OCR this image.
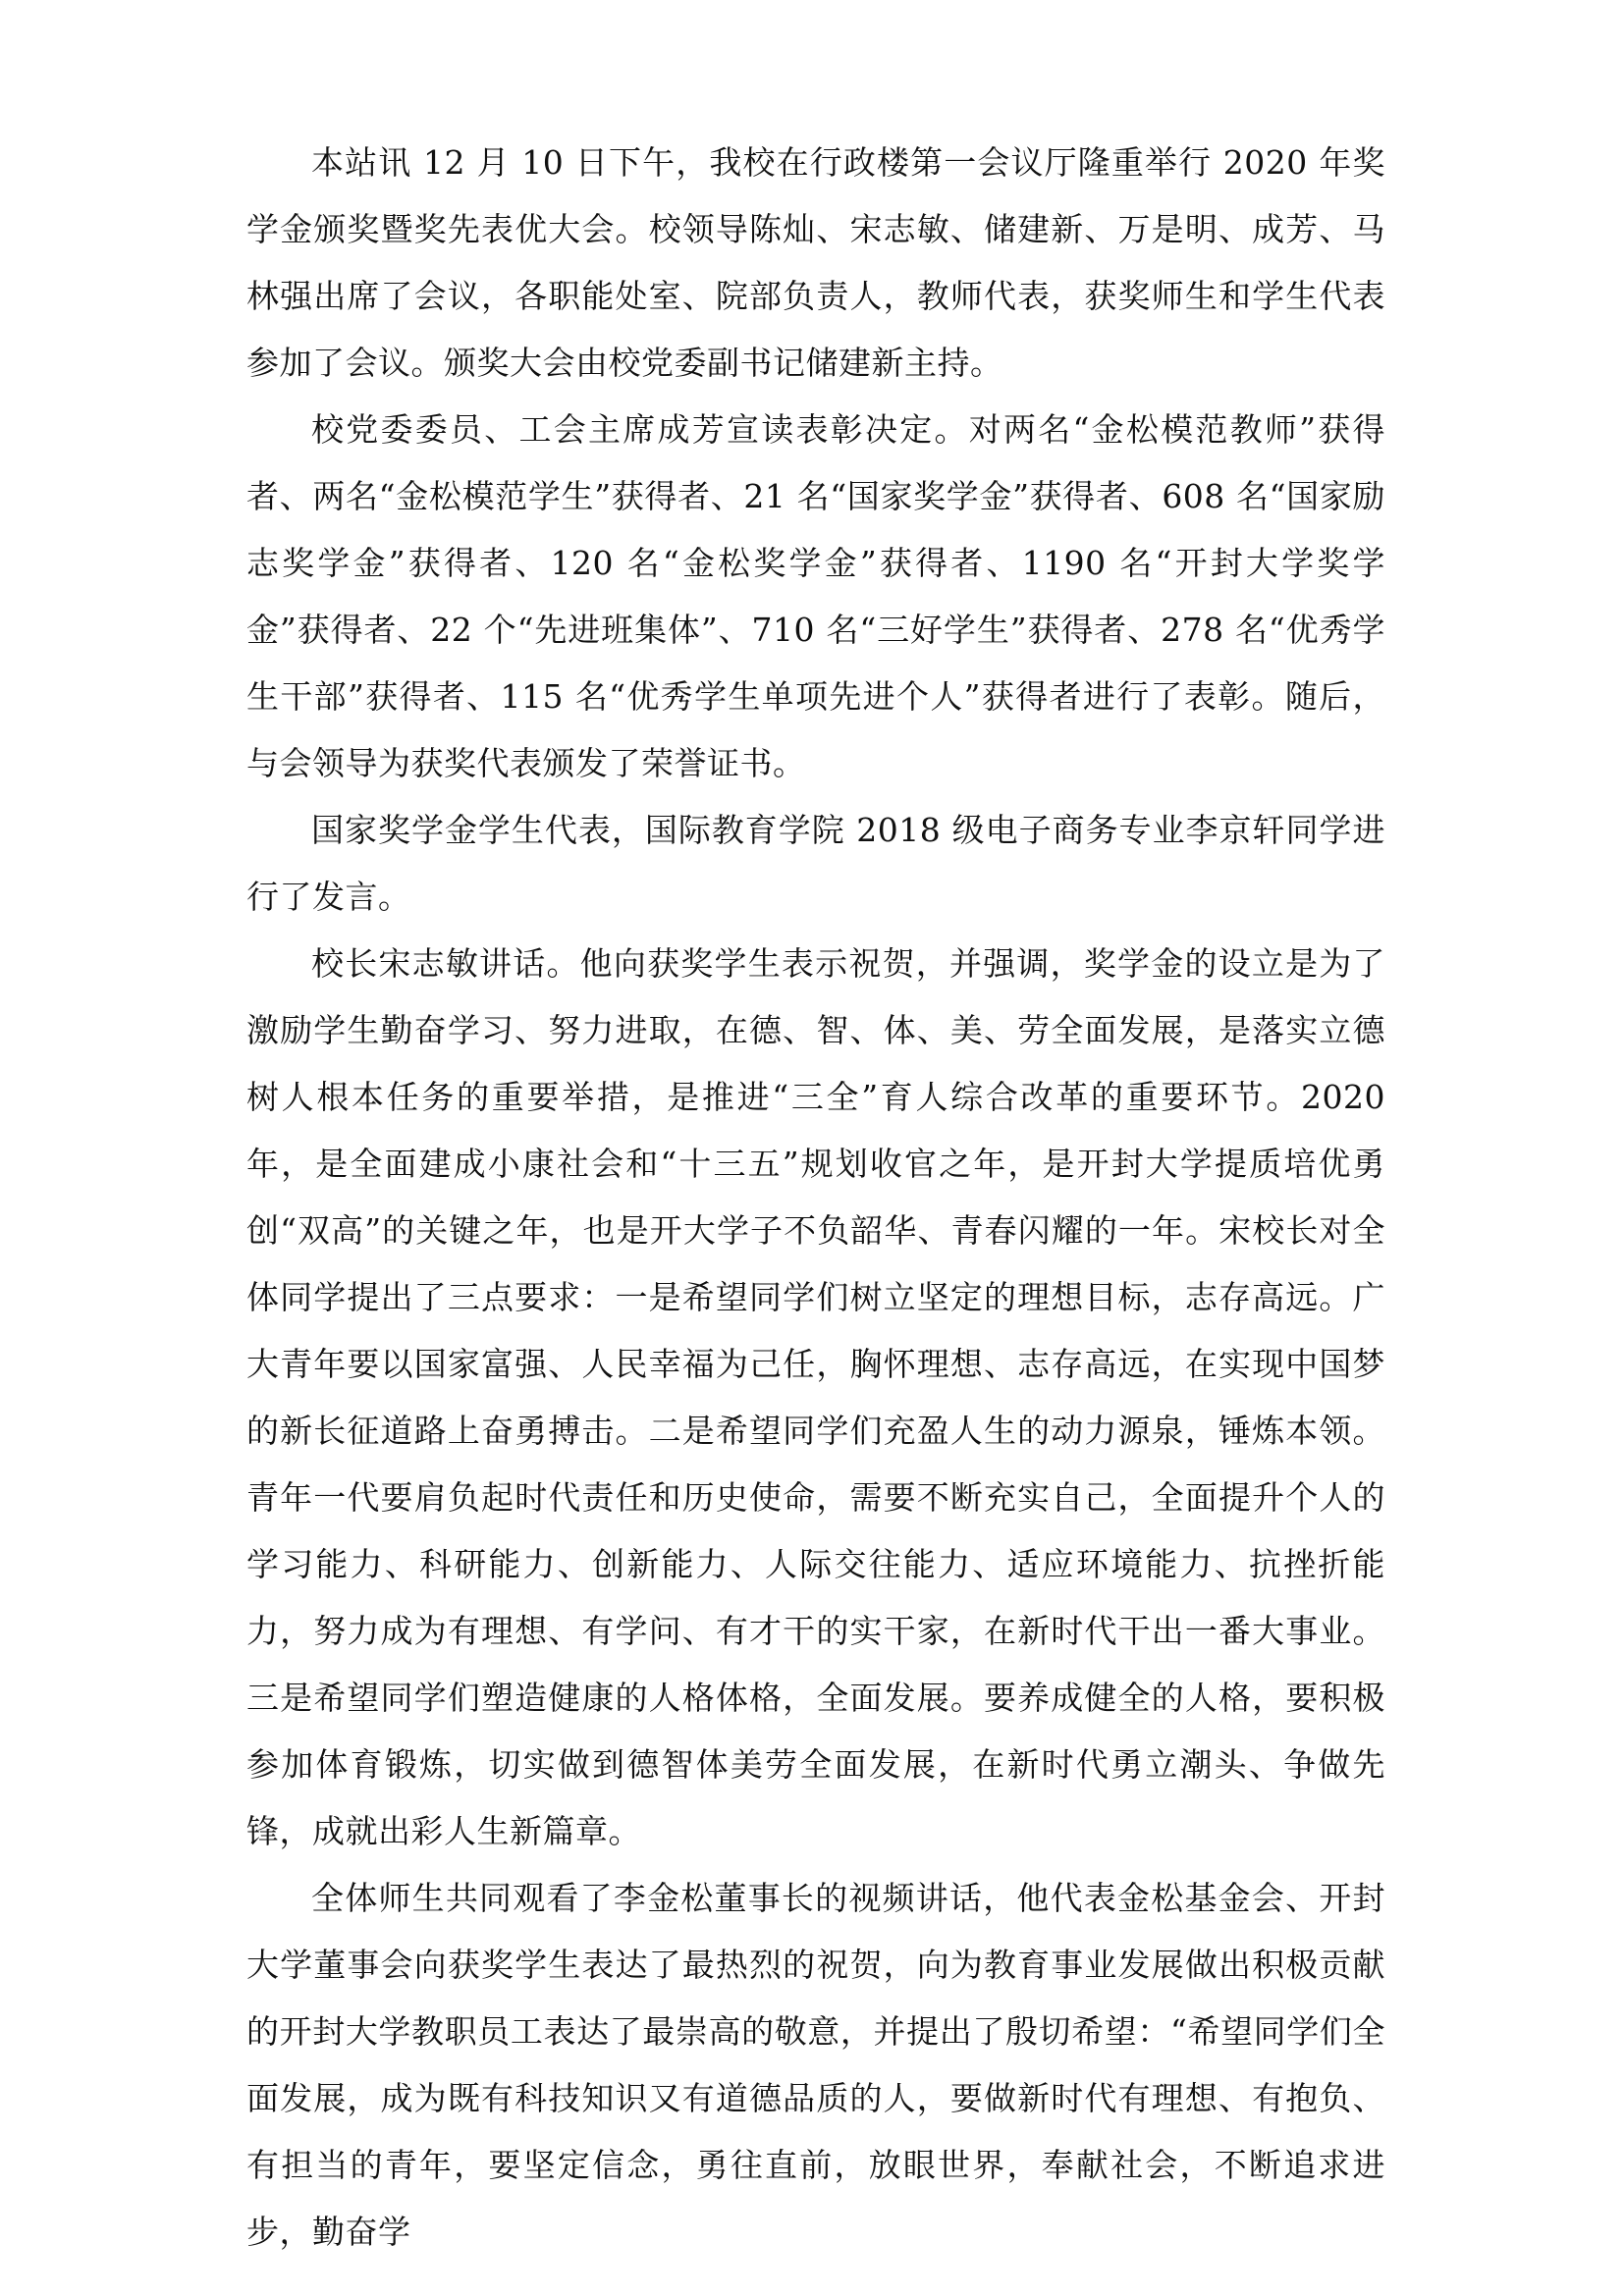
本站讯 12 月 10 日下午，我校在行政楼第一会议厅隆重举行 2020 年奖学金颁奖暨奖先表优大会。校领导陈灿、宋志敏、储建新、万是明、成芳、马林强出席了会议，各职能处室、院部负责人，教师代表，获奖师生和学生代表参加了会议。颁奖大会由校党委副书记储建新主持。

校党委委员、工会主席成芳宣读表彰决定。对两名“金松模范教师”获得者、两名“金松模范学生”获得者、21 名“国家奖学金”获得者、608 名“国家励志奖学金”获得者、120 名“金松奖学金”获得者、1190 名“开封大学奖学金”获得者、22 个“先进班集体”、710 名“三好学生”获得者、278 名“优秀学生干部”获得者、115 名“优秀学生单项先进个人”获得者进行了表彰。随后，与会领导为获奖代表颁发了荣誉证书。

国家奖学金学生代表，国际教育学院 2018 级电子商务专业李京轩同学进行了发言。

校长宋志敏讲话。他向获奖学生表示祝贺，并强调，奖学金的设立是为了激励学生勤奋学习、努力进取，在德、智、体、美、劳全面发展，是落实立德树人根本任务的重要举措，是推进“三全”育人综合改革的重要环节。2020 年，是全面建成小康社会和“十三五”规划收官之年，是开封大学提质培优勇创“双高”的关键之年，也是开大学子不负韶华、青春闪耀的一年。宋校长对全体同学提出了三点要求：一是希望同学们树立坚定的理想目标，志存高远。广大青年要以国家富强、人民幸福为己任，胸怀理想、志存高远，在实现中国梦的新长征道路上奋勇搏击。二是希望同学们充盈人生的动力源泉，锤炼本领。青年一代要肩负起时代责任和历史使命，需要不断充实自己，全面提升个人的学习能力、科研能力、创新能力、人际交往能力、适应环境能力、抗挫折能力，努力成为有理想、有学问、有才干的实干家，在新时代干出一番大事业。三是希望同学们塑造健康的人格体格，全面发展。要养成健全的人格，要积极参加体育锻炼，切实做到德智体美劳全面发展，在新时代勇立潮头、争做先锋，成就出彩人生新篇章。

全体师生共同观看了李金松董事长的视频讲话，他代表金松基金会、开封大学董事会向获奖学生表达了最热烈的祝贺，向为教育事业发展做出积极贡献的开封大学教职员工表达了最崇高的敬意，并提出了殷切希望：“希望同学们全面发展，成为既有科技知识又有道德品质的人，要做新时代有理想、有抱负、有担当的青年，要坚定信念，勇往直前，放眼世界，奉献社会，不断追求进步，勤奋学
